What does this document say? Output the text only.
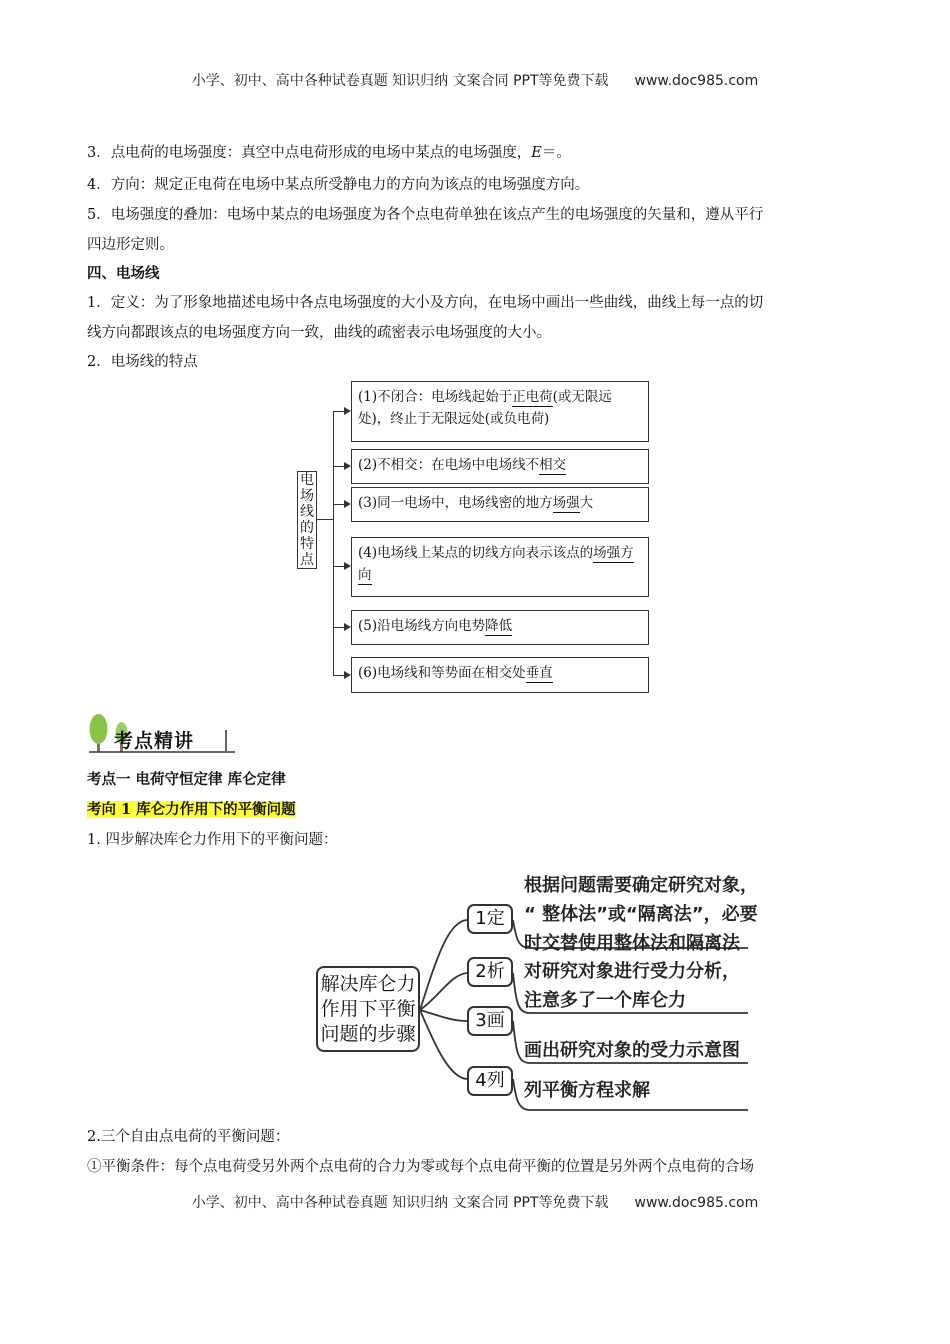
小学、初中、高中各种试卷真题 知识归纳 文案合同 PPT等免费下载 www.doc985.com
小学、初中、高中各种试卷真题 知识归纳 文案合同 PPT等免费下载 www.doc985.com
3．点电荷的电场强度：真空中点电荷形成的电场中某点的电场强度，E＝。
4．方向：规定正电荷在电场中某点所受静电力的方向为该点的电场强度方向。
5．电场强度的叠加：电场中某点的电场强度为各个点电荷单独在该点产生的电场强度的矢量和，遵从平行
四边形定则。
四、电场线
1．定义：为了形象地描述电场中各点电场强度的大小及方向，在电场中画出一些曲线，曲线上每一点的切
线方向都跟该点的电场强度方向一致，曲线的疏密表示电场强度的大小。
2．电场线的特点
电
场
线
的
特
点
(1)不闭合：电场线起始于正电荷(或无限远处)，终止于无限远处(或负电荷)
(2)不相交：在电场中电场线不相交
(3)同一电场中，电场线密的地方场强大
(4)电场线上某点的切线方向表示该点的场强方向
(5)沿电场线方向电势降低
(6)电场线和等势面在相交处垂直
考点精讲
考点一 电荷守恒定律 库仑定律
考向 1 库仑力作用下的平衡问题
1. 四步解决库仑力作用下的平衡问题：
解决库仑力
作用下平衡
问题的步骤
1定
2析
3画
4列
根据问题需要确定研究对象，
“ 整体法”或“隔离法”，必要
时交替使用整体法和隔离法
对研究对象进行受力分析，
注意多了一个库仑力
画出研究对象的受力示意图
列平衡方程求解
2.三个自由点电荷的平衡问题：
①平衡条件：每个点电荷受另外两个点电荷的合力为零或每个点电荷平衡的位置是另外两个点电荷的合场
